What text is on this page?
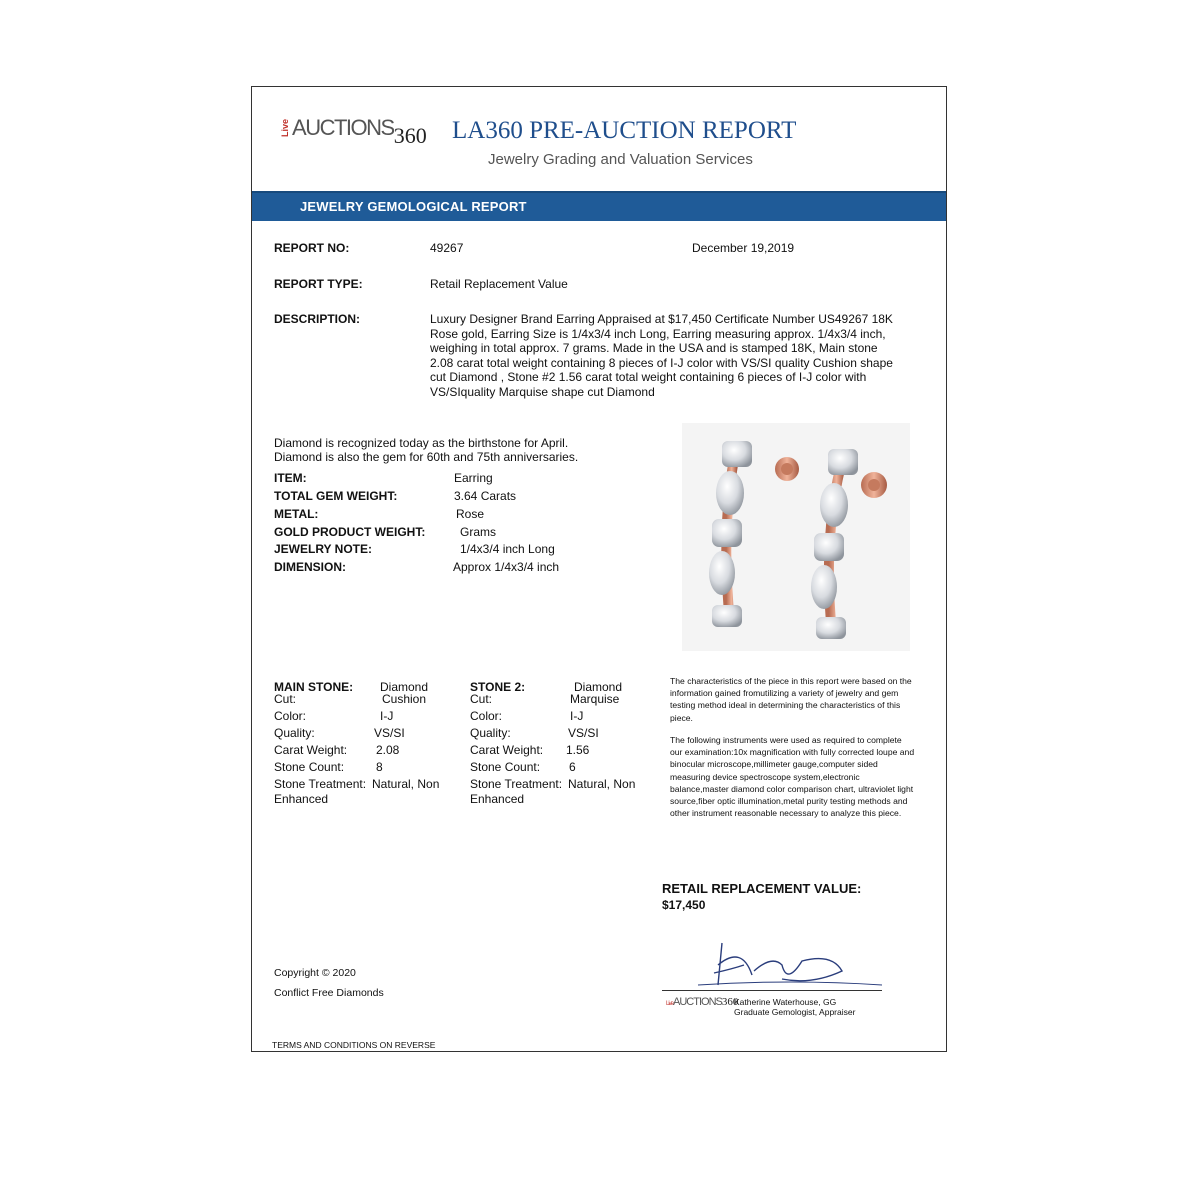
LiveAUCTIONS360 LA360 PRE-AUCTION REPORT
Jewelry Grading and Valuation Services
JEWELRY GEMOLOGICAL REPORT
REPORT NO:	49267	December 19,2019
REPORT TYPE:	Retail Replacement Value
DESCRIPTION:	Luxury Designer Brand Earring Appraised at $17,450 Certificate Number US49267 18K Rose gold, Earring Size is 1/4x3/4 inch Long, Earring measuring approx. 1/4x3/4 inch, weighing in total approx. 7 grams. Made in the USA and is stamped 18K, Main stone 2.08 carat total weight containing 8 pieces of I-J color with VS/SI quality Cushion shape cut Diamond , Stone #2 1.56 carat total weight containing 6 pieces of I-J color with VS/SIquality Marquise shape cut Diamond
Diamond is recognized today as the birthstone for April.
Diamond is also the gem for 60th and 75th anniversaries.
ITEM:	Earring
TOTAL GEM WEIGHT:	3.64 Carats
METAL:	Rose
GOLD PRODUCT WEIGHT:	Grams
JEWELRY NOTE:	1/4x3/4 inch Long
DIMENSION:	Approx 1/4x3/4 inch
MAIN STONE: Diamond
Cut:	Cushion
Color:	I-J
Quality:	VS/SI
Carat Weight: 2.08
Stone Count:	8
Stone Treatment: Natural, Non
Enhanced
STONE 2:	Diamond
Cut:	Marquise
Color:	I-J
Quality:	VS/SI
Carat Weight: 1.56
Stone Count: 6
Stone Treatment: Natural, Non
Enhanced
The characteristics of the piece in this report were based on the information gained fromutilizing a variety of jewelry and gem testing method ideal in determining the characteristics of this piece.
The following instruments were used as required to complete our examination:10x magnification with fully corrected loupe and binocular microscope,millimeter gauge,computer sided measuring device spectroscope system,electronic balance,master diamond color comparison chart, ultraviolet light source,fiber optic illumination,metal purity testing methods and other instrument reasonable necessary to analyze this piece.
RETAIL REPLACEMENT VALUE:
$17,450
LiveAUCTIONS360
Katherine Waterhouse, GG
Graduate Gemologist, Appraiser
Copyright © 2020
Conflict Free Diamonds
TERMS AND CONDITIONS ON REVERSE
